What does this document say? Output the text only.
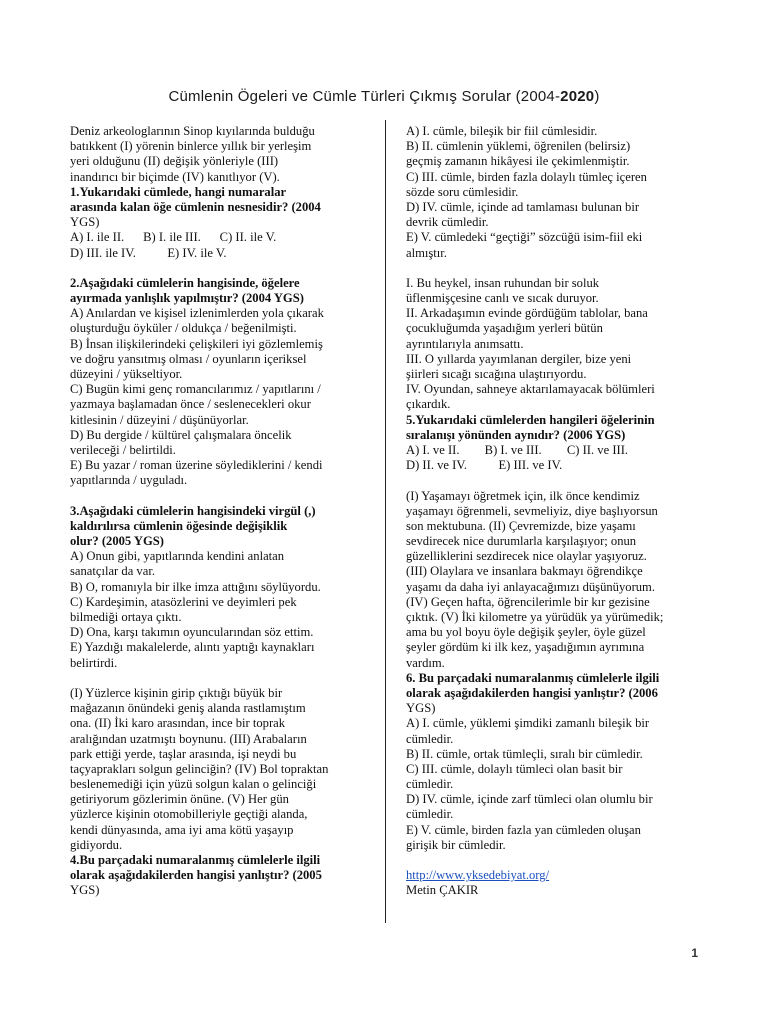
Cümlenin Ögeleri ve Cümle Türleri Çıkmış Sorular (2004-2020)
Deniz arkeologlarının Sinop kıyılarında bulduğu
batıkkent (I) yörenin binlerce yıllık bir yerleşim
yeri olduğunu (II) değişik yönleriyle (III)
inandırıcı bir biçimde (IV) kanıtlıyor (V).
1.Yukarıdaki cümlede, hangi numaralar
arasında kalan öğe cümlenin nesnesidir? (2004
YGS)
A) I. ile II.      B) I. ile III.      C) II. ile V.
D) III. ile IV.          E) IV. ile V.
2.Aşağıdaki cümlelerin hangisinde, öğelere
ayırmada yanlışlık yapılmıştır? (2004 YGS)
A) Anılardan ve kişisel izlenimlerden yola çıkarak
oluşturduğu öyküler / oldukça / beğenilmişti.
B) İnsan ilişkilerindeki çelişkileri iyi gözlemlemiş
ve doğru yansıtmış olması / oyunların içeriksel
düzeyini / yükseltiyor.
C) Bugün kimi genç romancılarımız / yapıtlarını /
yazmaya başlamadan önce / seslenecekleri okur
kitlesinin / düzeyini / düşünüyorlar.
D) Bu dergide / kültürel çalışmalara öncelik
verileceği / belirtildi.
E) Bu yazar / roman üzerine söylediklerini / kendi
yapıtlarında / uyguladı.
3.Aşağıdaki cümlelerin hangisindeki virgül (,)
kaldırılırsa cümlenin öğesinde değişiklik
olur? (2005 YGS)
A) Onun gibi, yapıtlarında kendini anlatan
sanatçılar da var.
B) O, romanıyla bir ilke imza attığını söylüyordu.
C) Kardeşimin, atasözlerini ve deyimleri pek
bilmediği ortaya çıktı.
D) Ona, karşı takımın oyuncularından söz ettim.
E) Yazdığı makalelerde, alıntı yaptığı kaynakları
belirtirdi.
(I) Yüzlerce kişinin girip çıktığı büyük bir
mağazanın önündeki geniş alanda rastlamıştım
ona. (II) İki karo arasından, ince bir toprak
aralığından uzatmıştı boynunu. (III) Arabaların
park ettiği yerde, taşlar arasında, işi neydi bu
taçyaprakları solgun gelinciğin? (IV) Bol topraktan
beslenemediği için yüzü solgun kalan o gelinciği
getiriyorum gözlerimin önüne. (V) Her gün
yüzlerce kişinin otomobilleriyle geçtiği alanda,
kendi dünyasında, ama iyi ama kötü yaşayıp
gidiyordu.
4.Bu parçadaki numaralanmış cümlelerle ilgili
olarak aşağıdakilerden hangisi yanlıştır? (2005
YGS)
A) I. cümle, bileşik bir fiil cümlesidir.
B) II. cümlenin yüklemi, öğrenilen (belirsiz)
geçmiş zamanın hikâyesi ile çekimlenmiştir.
C) III. cümle, birden fazla dolaylı tümleç içeren
sözde soru cümlesidir.
D) IV. cümle, içinde ad tamlaması bulunan bir
devrik cümledir.
E) V. cümledeki “geçtiği” sözcüğü isim-fiil eki
almıştır.
I. Bu heykel, insan ruhundan bir soluk
üflenmişçesine canlı ve sıcak duruyor.
II. Arkadaşımın evinde gördüğüm tablolar, bana
çocukluğumda yaşadığım yerleri bütün
ayrıntılarıyla anımsattı.
III. O yıllarda yayımlanan dergiler, bize yeni
şiirleri sıcağı sıcağına ulaştırıyordu.
IV. Oyundan, sahneye aktarılamayacak bölümleri
çıkardık.
5.Yukarıdaki cümlelerden hangileri öğelerinin
sıralanışı yönünden aynıdır? (2006 YGS)
A) I. ve II.        B) I. ve III.        C) II. ve III.
D) II. ve IV.          E) III. ve IV.
(I) Yaşamayı öğretmek için, ilk önce kendimiz
yaşamayı öğrenmeli, sevmeliyiz, diye başlıyorsun
son mektubuna. (II) Çevremizde, bize yaşamı
sevdirecek nice durumlarla karşılaşıyor; onun
güzelliklerini sezdirecek nice olaylar yaşıyoruz.
(III) Olaylara ve insanlara bakmayı öğrendikçe
yaşamı da daha iyi anlayacağımızı düşünüyorum.
(IV) Geçen hafta, öğrencilerimle bir kır gezisine
çıktık. (V) İki kilometre ya yürüdük ya yürümedik;
ama bu yol boyu öyle değişik şeyler, öyle güzel
şeyler gördüm ki ilk kez, yaşadığımın ayrımına
vardım.
6. Bu parçadaki numaralanmış cümlelerle ilgili
olarak aşağıdakilerden hangisi yanlıştır? (2006
YGS)
A) I. cümle, yüklemi şimdiki zamanlı bileşik bir
cümledir.
B) II. cümle, ortak tümleçli, sıralı bir cümledir.
C) III. cümle, dolaylı tümleci olan basit bir
cümledir.
D) IV. cümle, içinde zarf tümleci olan olumlu bir
cümledir.
E) V. cümle, birden fazla yan cümleden oluşan
girişik bir cümledir.
http://www.yksedebiyat.org/
Metin ÇAKIR
1
